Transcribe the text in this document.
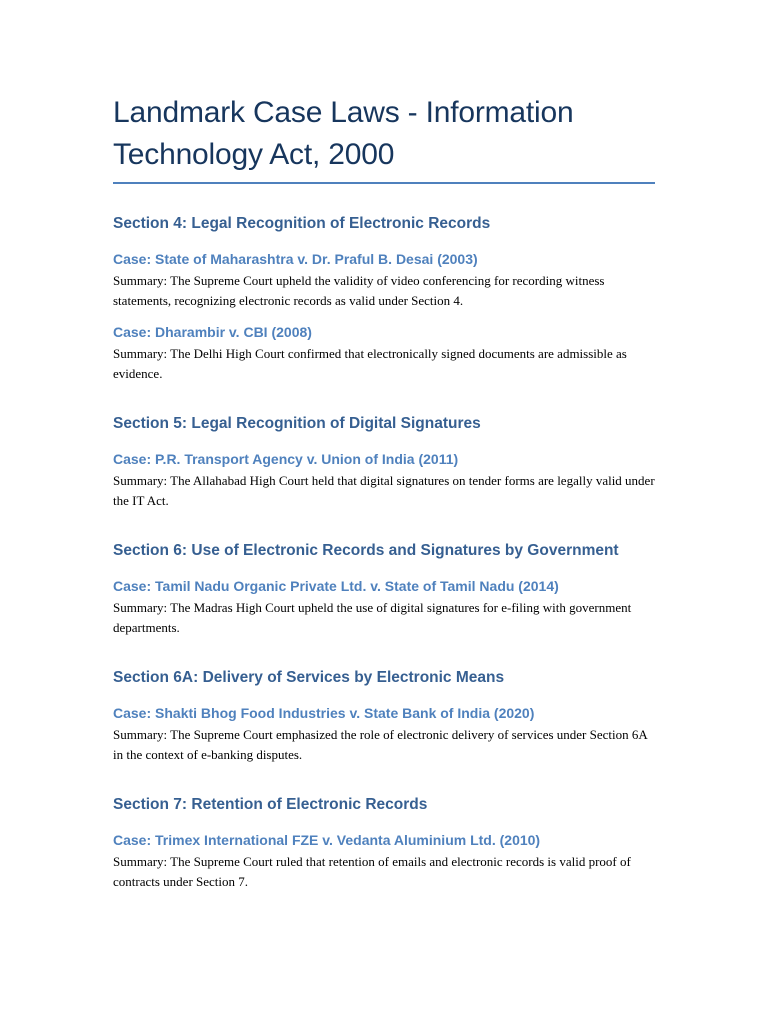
Landmark Case Laws - Information
Technology Act, 2000
Section 4: Legal Recognition of Electronic Records
Case: State of Maharashtra v. Dr. Praful B. Desai (2003)

Summary: The Supreme Court upheld the validity of video conferencing for recording witness statements, recognizing electronic records as valid under Section 4.

Case: Dharambir v. CBI (2008)

Summary: The Delhi High Court confirmed that electronically signed documents are admissible as evidence.

Section 5: Legal Recognition of Digital Signatures
Case: P.R. Transport Agency v. Union of India (2011)

Summary: The Allahabad High Court held that digital signatures on tender forms are legally valid under the IT Act.

Section 6: Use of Electronic Records and Signatures by Government
Case: Tamil Nadu Organic Private Ltd. v. State of Tamil Nadu (2014)

Summary: The Madras High Court upheld the use of digital signatures for e-filing with government departments.

Section 6A: Delivery of Services by Electronic Means
Case: Shakti Bhog Food Industries v. State Bank of India (2020)

Summary: The Supreme Court emphasized the role of electronic delivery of services under Section 6A in the context of e-banking disputes.

Section 7: Retention of Electronic Records
Case: Trimex International FZE v. Vedanta Aluminium Ltd. (2010)

Summary: The Supreme Court ruled that retention of emails and electronic records is valid proof of contracts under Section 7.
